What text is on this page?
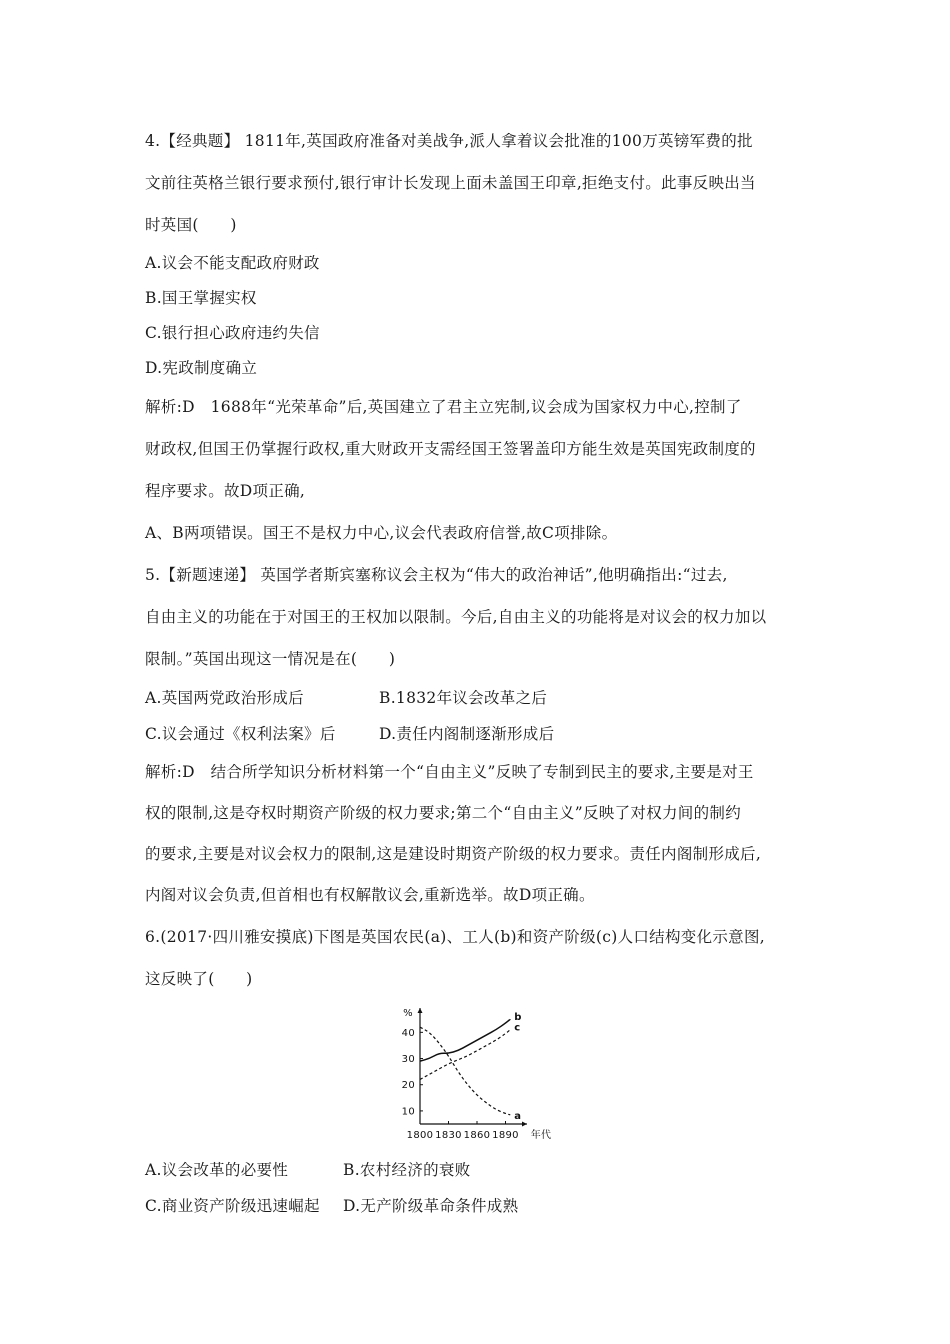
4.【经典题】 1811年,英国政府准备对美战争,派人拿着议会批准的100万英镑军费的批
文前往英格兰银行要求预付,银行审计长发现上面未盖国王印章,拒绝支付。此事反映出当
时英国(　　)
A.议会不能支配政府财政
B.国王掌握实权
C.银行担心政府违约失信
D.宪政制度确立
解析:D　1688年“光荣革命”后,英国建立了君主立宪制,议会成为国家权力中心,控制了
财政权,但国王仍掌握行政权,重大财政开支需经国王签署盖印方能生效是英国宪政制度的
程序要求。故D项正确,
A、B两项错误。国王不是权力中心,议会代表政府信誉,故C项排除。
5.【新题速递】 英国学者斯宾塞称议会主权为“伟大的政治神话”,他明确指出:“过去,
自由主义的功能在于对国王的王权加以限制。今后,自由主义的功能将是对议会的权力加以
限制。”英国出现这一情况是在(　　)
A.英国两党政治形成后	B.1832年议会改革之后
C.议会通过《权利法案》后	D.责任内阁制逐渐形成后
解析:D　结合所学知识分析材料第一个“自由主义”反映了专制到民主的要求,主要是对王
权的限制,这是夺权时期资产阶级的权力要求;第二个“自由主义”反映了对权力间的制约
的要求,主要是对议会权力的限制,这是建设时期资产阶级的权力要求。责任内阁制形成后,
内阁对议会负责,但首相也有权解散议会,重新选举。故D项正确。
6.(2017·四川雅安摸底)下图是英国农民(a)、工人(b)和资产阶级(c)人口结构变化示意图,
这反映了(　　)
%
年代
10
20
30
40
1800 1830 1860 1890
a
b
c
A.议会改革的必要性	B.农村经济的衰败
C.商业资产阶级迅速崛起	D.无产阶级革命条件成熟
